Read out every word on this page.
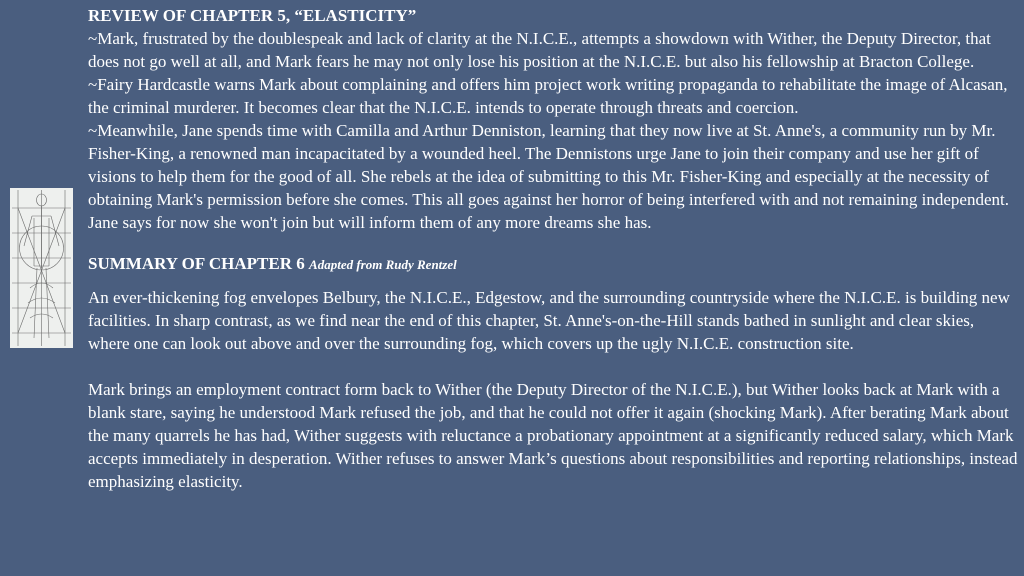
REVIEW OF CHAPTER 5, “ELASTICITY”

~Mark, frustrated by the doublespeak and lack of clarity at the N.I.C.E., attempts a showdown with Wither, the Deputy Director, that does not go well at all, and Mark fears he may not only lose his position at the N.I.C.E. but also his fellowship at Bracton College.

~Fairy Hardcastle warns Mark about complaining and offers him project work writing propaganda to rehabilitate the image of Alcasan, the criminal murderer. It becomes clear that the N.I.C.E. intends to operate through threats and coercion.

~Meanwhile, Jane spends time with Camilla and Arthur Denniston, learning that they now live at St. Anne's, a community run by Mr. Fisher-King, a renowned man incapacitated by a wounded heel. The Dennistons urge Jane to join their company and use her gift of visions to help them for the good of all. She rebels at the idea of submitting to this Mr. Fisher-King and especially at the necessity of obtaining Mark's permission before she comes. This all goes against her horror of being interfered with and not remaining independent. Jane says for now she won't join but will inform them of any more dreams she has.

SUMMARY OF CHAPTER 6 Adapted from Rudy Rentzel

An ever-thickening fog envelopes Belbury, the N.I.C.E., Edgestow, and the surrounding countryside where the N.I.C.E. is building new facilities. In sharp contrast, as we find near the end of this chapter, St. Anne's-on-the-Hill stands bathed in sunlight and clear skies, where one can look out above and over the surrounding fog, which covers up the ugly N.I.C.E. construction site.

Mark brings an employment contract form back to Wither (the Deputy Director of the N.I.C.E.), but Wither looks back at Mark with a blank stare, saying he understood Mark refused the job, and that he could not offer it again (shocking Mark). After berating Mark about the many quarrels he has had, Wither suggests with reluctance a probationary appointment at a significantly reduced salary, which Mark accepts immediately in desperation. Wither refuses to answer Mark’s questions about responsibilities and reporting relationships, instead emphasizing elasticity.
